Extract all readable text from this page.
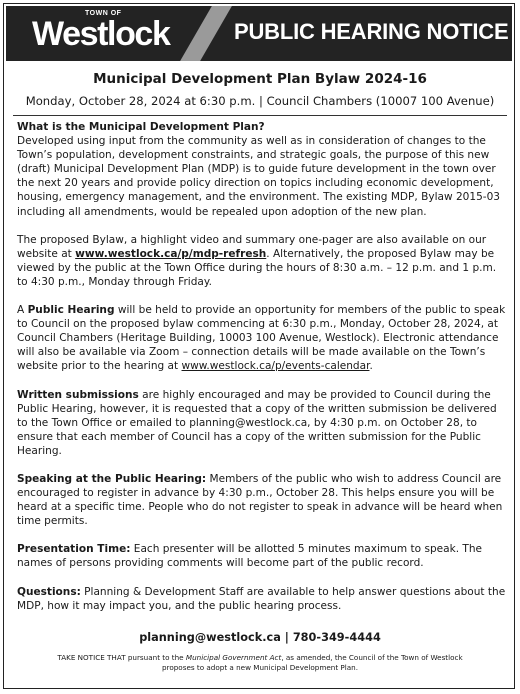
TOWN OF
Westlock	PUBLIC HEARING NOTICE
Municipal Development Plan Bylaw 2024-16
Monday, October 28, 2024 at 6:30 p.m. | Council Chambers (10007 100 Avenue)

What is the Municipal Development Plan?
Developed using input from the community as well as in consideration of changes to the Town’s population, development constraints, and strategic goals, the purpose of this new (draft) Municipal Development Plan (MDP) is to guide future development in the town over the next 20 years and provide policy direction on topics including economic development, housing, emergency management, and the environment. The existing MDP, Bylaw 2015-03 including all amendments, would be repealed upon adoption of the new plan.

The proposed Bylaw, a highlight video and summary one-pager are also available on our website at www.westlock.ca/p/mdp-refresh. Alternatively, the proposed Bylaw may be viewed by the public at the Town Office during the hours of 8:30 a.m. – 12 p.m. and 1 p.m. to 4:30 p.m., Monday through Friday.

A Public Hearing will be held to provide an opportunity for members of the public to speak to Council on the proposed bylaw commencing at 6:30 p.m., Monday, October 28, 2024, at Council Chambers (Heritage Building, 10003 100 Avenue, Westlock). Electronic attendance will also be available via Zoom – connection details will be made available on the Town’s website prior to the hearing at www.westlock.ca/p/events-calendar.

Written submissions are highly encouraged and may be provided to Council during the Public Hearing, however, it is requested that a copy of the written submission be delivered to the Town Office or emailed to planning@westlock.ca, by 4:30 p.m. on October 28, to ensure that each member of Council has a copy of the written submission for the Public Hearing.

Speaking at the Public Hearing: Members of the public who wish to address Council are encouraged to register in advance by 4:30 p.m., October 28. This helps ensure you will be heard at a specific time. People who do not register to speak in advance will be heard when time permits.

Presentation Time: Each presenter will be allotted 5 minutes maximum to speak. The names of persons providing comments will become part of the public record.

Questions: Planning & Development Staff are available to help answer questions about the MDP, how it may impact you, and the public hearing process.

planning@westlock.ca | 780-349-4444
TAKE NOTICE THAT pursuant to the Municipal Government Act, as amended, the Council of the Town of Westlock proposes to adopt a new Municipal Development Plan.
